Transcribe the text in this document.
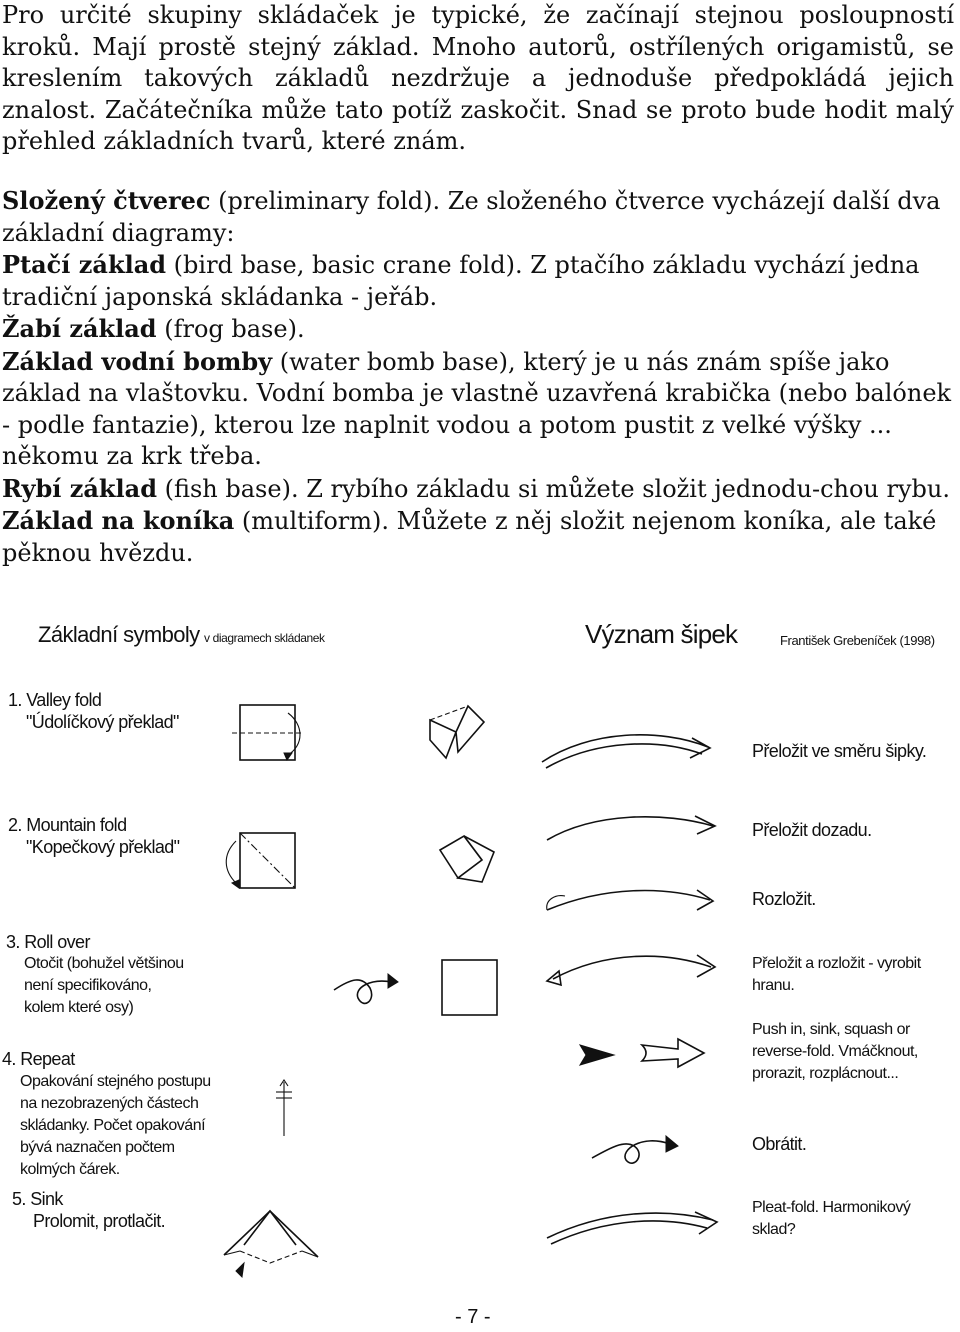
Pro určité skupiny skládaček je typické, že začínají stejnou posloupností kroků. Mají prostě stejný základ. Mnoho autorů, ostřílených origamistů, se kreslením takových základů nezdržuje a jednoduše předpokládá jejich znalost. Začátečníka může tato potíž zaskočit. Snad se proto bude hodit malý přehled základních tvarů, které znám.

Složený čtverec (preliminary fold). Ze složeného čtverce vycházejí další dva základní diagramy:

Ptačí základ (bird base, basic crane fold). Z ptačího základu vychází jedna tradiční japonská skládanka - jeřáb.

Žabí základ (frog base).

Základ vodní bomby (water bomb base), který je u nás znám spíše jako základ na vlaštovku. Vodní bomba je vlastně uzavřená krabička (nebo balónek - podle fantazie), kterou lze naplnit vodou a potom pustit z velké výšky ... někomu za krk třeba.

Rybí základ (fish base). Z rybího základu si můžete složit jednodu-chou rybu.

Základ na koníka (multiform). Můžete z něj složit nejenom koníka, ale také pěknou hvězdu.

Základní symboly v diagramech skládanek	Význam šipek	František Grebeníček (1998)
1. Valley fold
"Údolíčkový překlad"
2. Mountain fold
"Kopečkový překlad"
3. Roll over
Otočit (bohužel většinou
není specifikováno,
kolem které osy)
4. Repeat
Opakování stejného postupu
na nezobrazených částech
skládanky. Počet opakování
bývá naznačen počtem
kolmých čárek.
5. Sink
Prolomit, protlačit.
Přeložit ve směru šipky.
Přeložit dozadu.
Rozložit.
Přeložit a rozložit - vyrobit
hranu.
Push in, sink, squash or
reverse-fold. Vmáčknout,
prorazit, rozplácnout...
Obrátit.
Pleat-fold. Harmonikový
sklad?
- 7 -
